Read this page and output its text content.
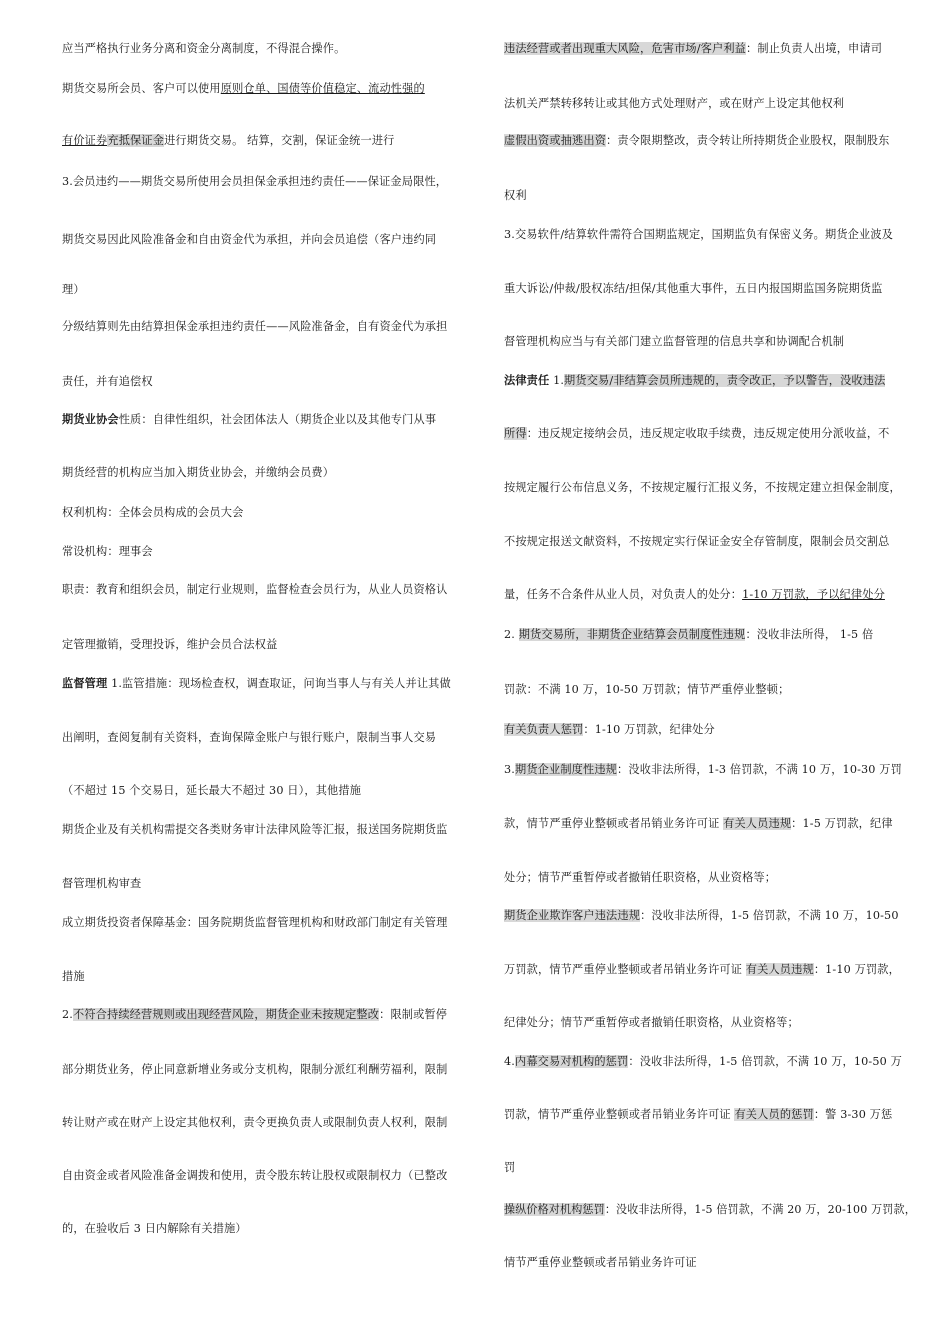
应当严格执行业务分离和资金分离制度，不得混合操作。
期货交易所会员、客户可以使用原则仓单、国债等价值稳定、流动性强的
有价证券充抵保证金进行期货交易。 结算，交割，保证金统一进行
3.会员违约——期货交易所使用会员担保金承担违约责任——保证金局限性，
期货交易因此风险准备金和自由资金代为承担，并向会员追偿（客户违约同
理）
分级结算则先由结算担保金承担违约责任——风险准备金，自有资金代为承担
责任，并有追偿权
期货业协会性质：自律性组织，社会团体法人（期货企业以及其他专门从事
期货经营的机构应当加入期货业协会，并缴纳会员费）
权利机构：全体会员构成的会员大会
常设机构：理事会
职责：教育和组织会员，制定行业规则，监督检查会员行为，从业人员资格认
定管理撤销，受理投诉，维护会员合法权益
监督管理 1.监管措施：现场检查权，调查取证，问询当事人与有关人并让其做
出阐明，查阅复制有关资料，查询保障金账户与银行账户，限制当事人交易
（不超过 15 个交易日，延长最大不超过 30 日），其他措施
期货企业及有关机构需提交各类财务审计法律风险等汇报，报送国务院期货监
督管理机构审查
成立期货投资者保障基金：国务院期货监督管理机构和财政部门制定有关管理
措施
2.不符合持续经营规则或出现经营风险，期货企业未按规定整改：限制或暂停
部分期货业务，停止同意新增业务或分支机构，限制分派红利酬劳福利，限制
转让财产或在财产上设定其他权利，责令更换负责人或限制负责人权利，限制
自由资金或者风险准备金调拨和使用，责令股东转让股权或限制权力（已整改
的，在验收后 3 日内解除有关措施）
违法经营或者出现重大风险，危害市场/客户利益：制止负责人出境，申请司
法机关严禁转移转让或其他方式处理财产，或在财产上设定其他权利
虚假出资或抽逃出资：责令限期整改，责令转让所持期货企业股权，限制股东
权利
3.交易软件/结算软件需符合国期监规定，国期监负有保密义务。期货企业波及
重大诉讼/仲裁/股权冻结/担保/其他重大事件，五日内报国期监国务院期货监
督管理机构应当与有关部门建立监督管理的信息共享和协调配合机制
法律责任 1.期货交易/非结算会员所违规的，责令改正，予以警告，没收违法
所得：违反规定接纳会员，违反规定收取手续费，违反规定使用分派收益，不
按规定履行公布信息义务，不按规定履行汇报义务，不按规定建立担保金制度，
不按规定报送文献资料，不按规定实行保证金安全存管制度，限制会员交割总
量，任务不合条件从业人员，对负责人的处分：1-10 万罚款，予以纪律处分
2. 期货交易所，非期货企业结算会员制度性违规：没收非法所得， 1-5 倍
罚款：不满 10 万，10-50 万罚款；情节严重停业整顿；
有关负责人惩罚：1-10 万罚款，纪律处分
3.期货企业制度性违规：没收非法所得，1-3 倍罚款，不满 10 万，10-30 万罚
款，情节严重停业整顿或者吊销业务许可证 有关人员违规：1-5 万罚款，纪律
处分；情节严重暂停或者撤销任职资格，从业资格等；
期货企业欺诈客户违法违规：没收非法所得，1-5 倍罚款，不满 10 万，10-50
万罚款，情节严重停业整顿或者吊销业务许可证 有关人员违规：1-10 万罚款，
纪律处分；情节严重暂停或者撤销任职资格，从业资格等；
4.内幕交易对机构的惩罚：没收非法所得，1-5 倍罚款，不满 10 万，10-50 万
罚款，情节严重停业整顿或者吊销业务许可证 有关人员的惩罚：警 3-30 万惩
罚
操纵价格对机构惩罚：没收非法所得，1-5 倍罚款，不满 20 万，20-100 万罚款，
情节严重停业整顿或者吊销业务许可证
